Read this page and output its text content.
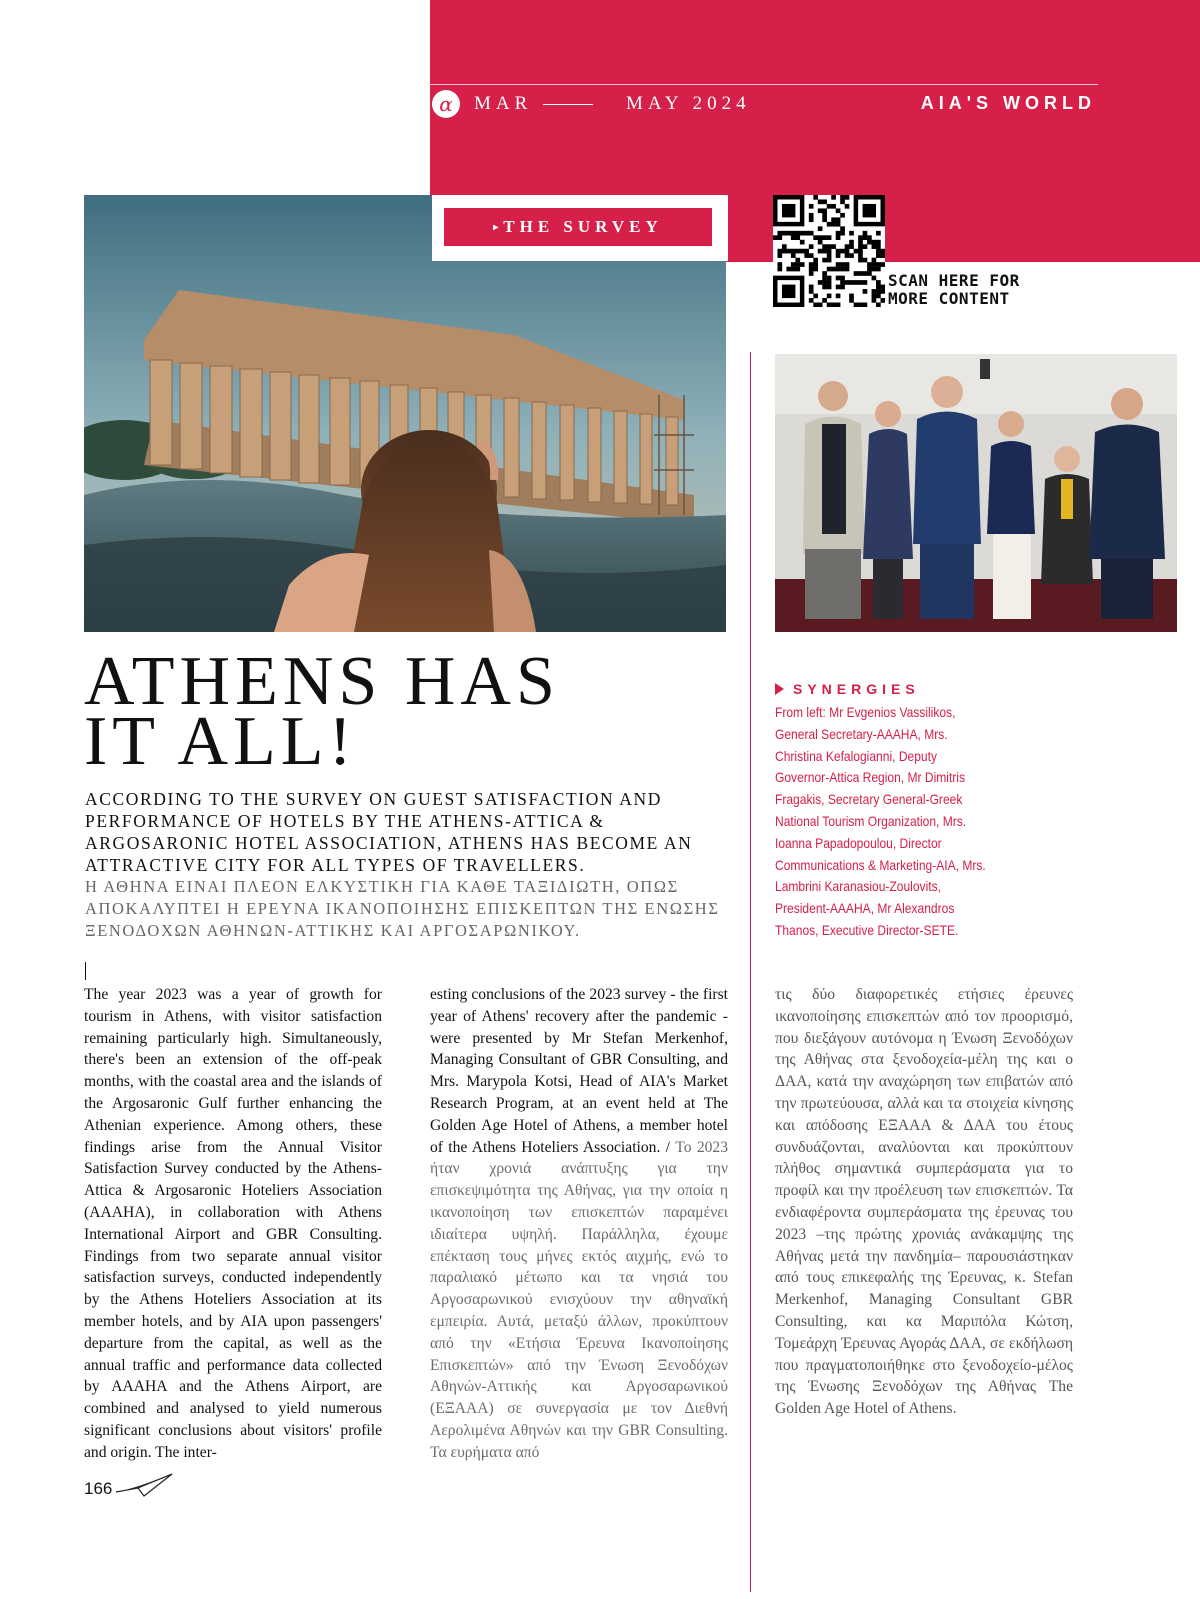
α	MAR	MAY 2024	AIA'S WORLD
▸THE SURVEY
SCAN HERE FOR
MORE CONTENT
ATHENS HAS
IT ALL!
ACCORDING TO THE SURVEY ON GUEST SATISFACTION AND PERFORMANCE OF HOTELS BY THE ATHENS-ATTICA & ARGOSARONIC HOTEL ASSOCIATION, ATHENS HAS BECOME AN ATTRACTIVE CITY FOR ALL TYPES OF TRAVELLERS.
Η ΑΘΗΝΑ ΕΙΝΑΙ ΠΛΕΟΝ ΕΛΚΥΣΤΙΚΗ ΓΙΑ ΚΑΘΕ ΤΑΞΙΔΙΩΤΗ, ΟΠΩΣ ΑΠΟΚΑΛΥΠΤΕΙ Η ΕΡΕΥΝΑ ΙΚΑΝΟΠΟΙΗΣΗΣ ΕΠΙΣΚΕΠΤΩΝ ΤΗΣ ΕΝΩΣΗΣ ΞΕΝΟΔΟΧΩΝ ΑΘΗΝΩΝ-ΑΤΤΙΚΗΣ ΚΑΙ ΑΡΓΟΣΑΡΩΝΙΚΟΥ.
SYNERGIES
From left: Mr Evgenios Vassilikos, General Secretary-AAAHA, Mrs. Christina Kefalogianni, Deputy Governor-Attica Region, Mr Dimitris Fragakis, Secretary General-Greek National Tourism Organization, Mrs. Ioanna Papadopoulou, Director Communications & Marketing-AIA, Mrs. Lambrini Karanasiou-Zoulovits, President-AAAHA, Mr Alexandros Thanos, Executive Director-SETE.
The year 2023 was a year of growth for tourism in Athens, with visitor satisfaction remaining particularly high. Simultaneously, there's been an extension of the off-peak months, with the coastal area and the islands of the Argosaronic Gulf further enhancing the Athenian experience. Among others, these findings arise from the Annual Visitor Satisfaction Survey conducted by the Athens-Attica & Argosaronic Hoteliers Association (AAAHA), in collaboration with Athens International Airport and GBR Consulting. Findings from two separate annual visitor satisfaction surveys, conducted independently by the Athens Hoteliers Association at its member hotels, and by AIA upon passengers' departure from the capital, as well as the annual traffic and performance data collected by AAAHA and the Athens Airport, are combined and analysed to yield numerous significant conclusions about visitors' profile and origin. The inter-
esting conclusions of the 2023 survey - the first year of Athens' recovery after the pandemic - were presented by Mr Stefan Merkenhof, Managing Consultant of GBR Consulting, and Mrs. Marypola Kotsi, Head of AIA's Market Research Program, at an event held at The Golden Age Hotel of Athens, a member hotel of the Athens Hoteliers Association. / Το 2023 ήταν χρονιά ανάπτυξης για την επισκεψιμότητα της Αθήνας, για την οποία η ικανοποίηση των επισκεπτών παραμένει ιδιαίτερα υψηλή. Παράλληλα, έχουμε επέκταση τους μήνες εκτός αιχμής, ενώ το παραλιακό μέτωπο και τα νησιά του Αργοσαρωνικού ενισχύουν την αθηναϊκή εμπειρία. Αυτά, μεταξύ άλλων, προκύπτουν από την «Ετήσια Έρευνα Ικανοποίησης Επισκεπτών» από την Ένωση Ξενοδόχων Αθηνών-Αττικής και Αργοσαρωνικού (ΕΞΑΑΑ) σε συνεργασία με τον Διεθνή Αερολιμένα Αθηνών και την GBR Consulting. Τα ευρήματα από
τις δύο διαφορετικές ετήσιες έρευνες ικανοποίησης επισκεπτών από τον προορισμό, που διεξάγουν αυτόνομα η Ένωση Ξενοδόχων της Αθήνας στα ξενοδοχεία-μέλη της και ο ΔΑΑ, κατά την αναχώρηση των επιβατών από την πρωτεύουσα, αλλά και τα στοιχεία κίνησης και απόδοσης ΕΞΑΑΑ & ΔΑΑ του έτους συνδυάζονται, αναλύονται και προκύπτουν πλήθος σημαντικά συμπεράσματα για το προφίλ και την προέλευση των επισκεπτών. Τα ενδιαφέροντα συμπεράσματα της έρευνας του 2023 –της πρώτης χρονιάς ανάκαμψης της Αθήνας μετά την πανδημία– παρουσιάστηκαν από τους επικεφαλής της Έρευνας, κ. Stefan Merkenhof, Managing Consultant GBR Consulting, και κα Μαριπόλα Κώτση, Τομεάρχη Έρευνας Αγοράς ΔΑΑ, σε εκδήλωση που πραγματοποιήθηκε στο ξενοδοχείο-μέλος της Ένωσης Ξενοδόχων της Αθήνας The Golden Age Hotel of Athens.
166
